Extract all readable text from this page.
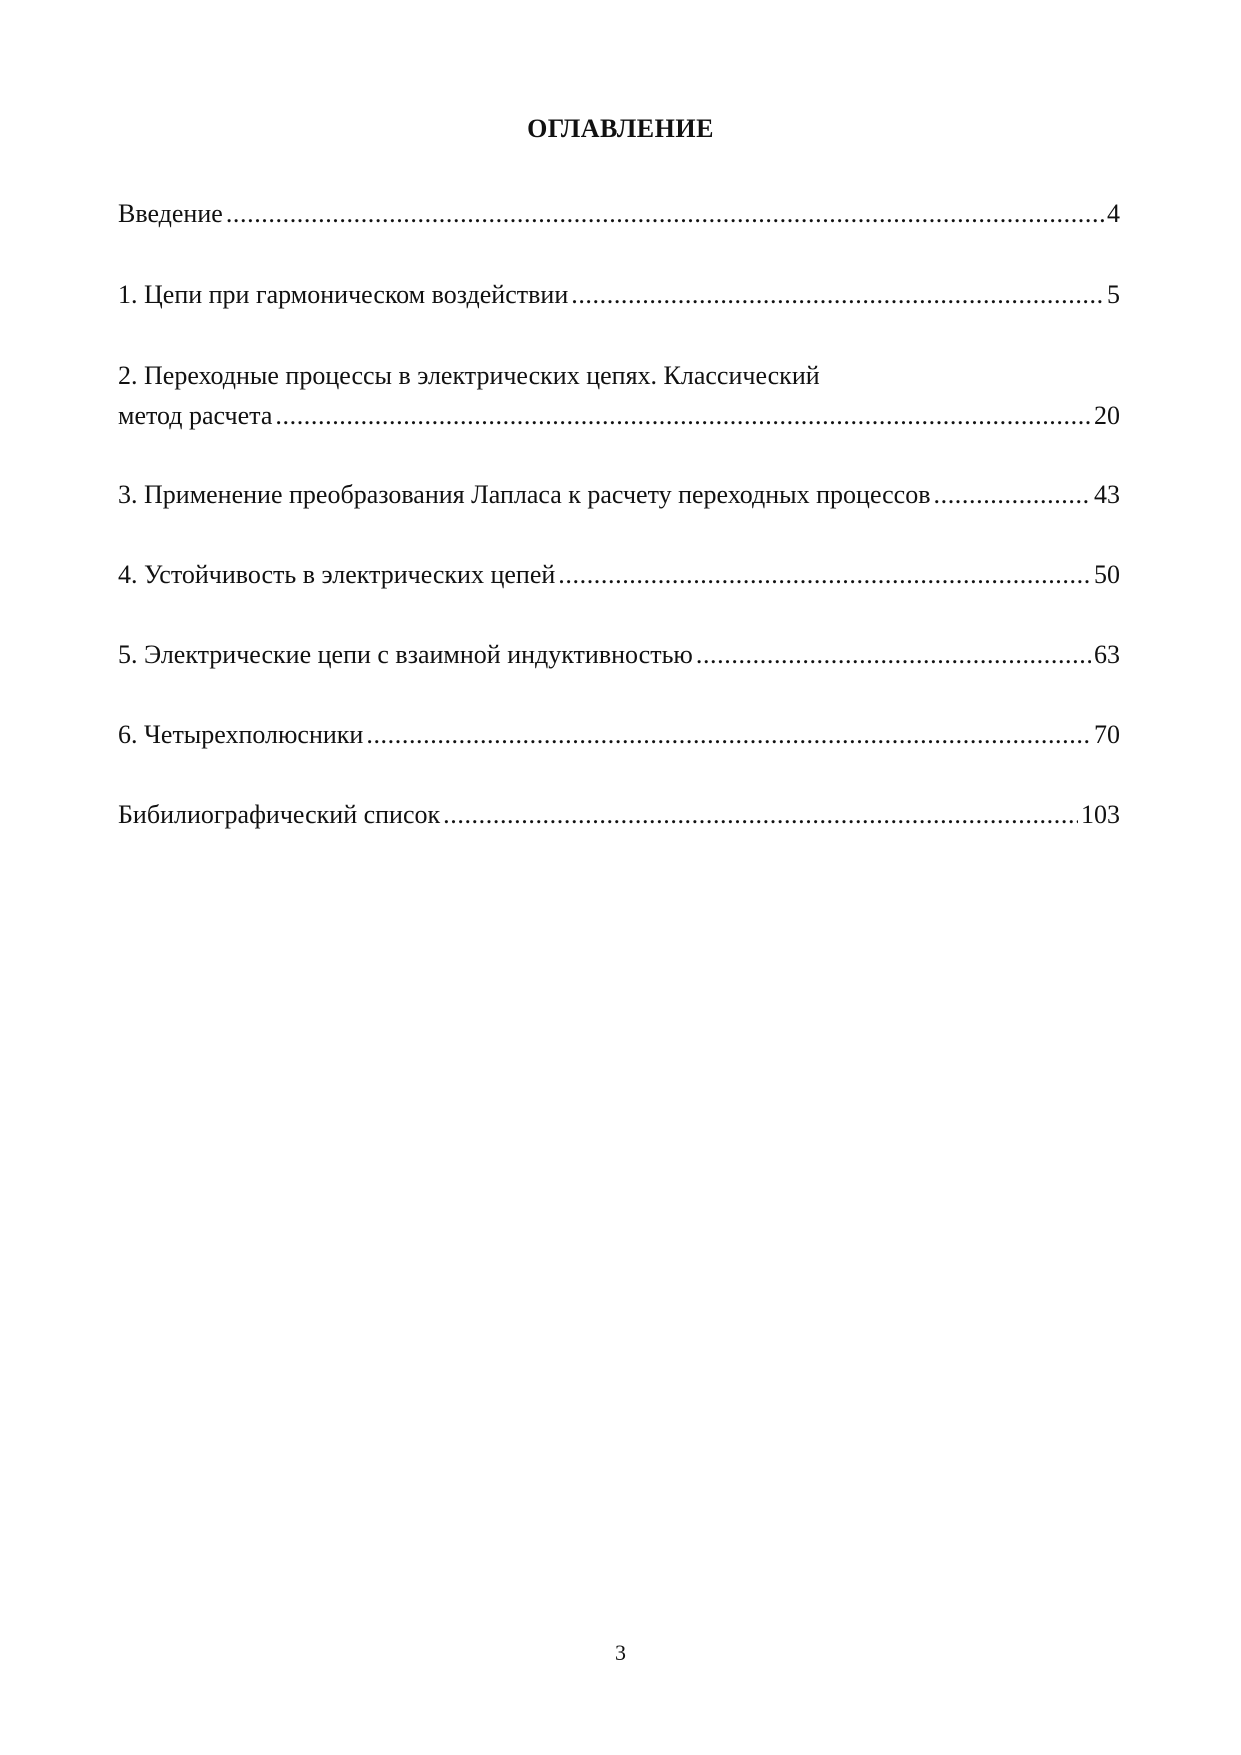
ОГЛАВЛЕНИЕ
Введение .....	4
1. Цепи при гармоническом воздействии .....	5
2. Переходные процессы в электрических цепях. Классический
метод расчета .....	20
3. Применение преобразования Лапласа к расчету переходных процессов .....	43
4. Устойчивость в электрических цепей .....	50
5. Электрические цепи с взаимной индуктивностью .....	63
6. Четырехполюсники .....	70
Бибилиографический список .....	103
3
